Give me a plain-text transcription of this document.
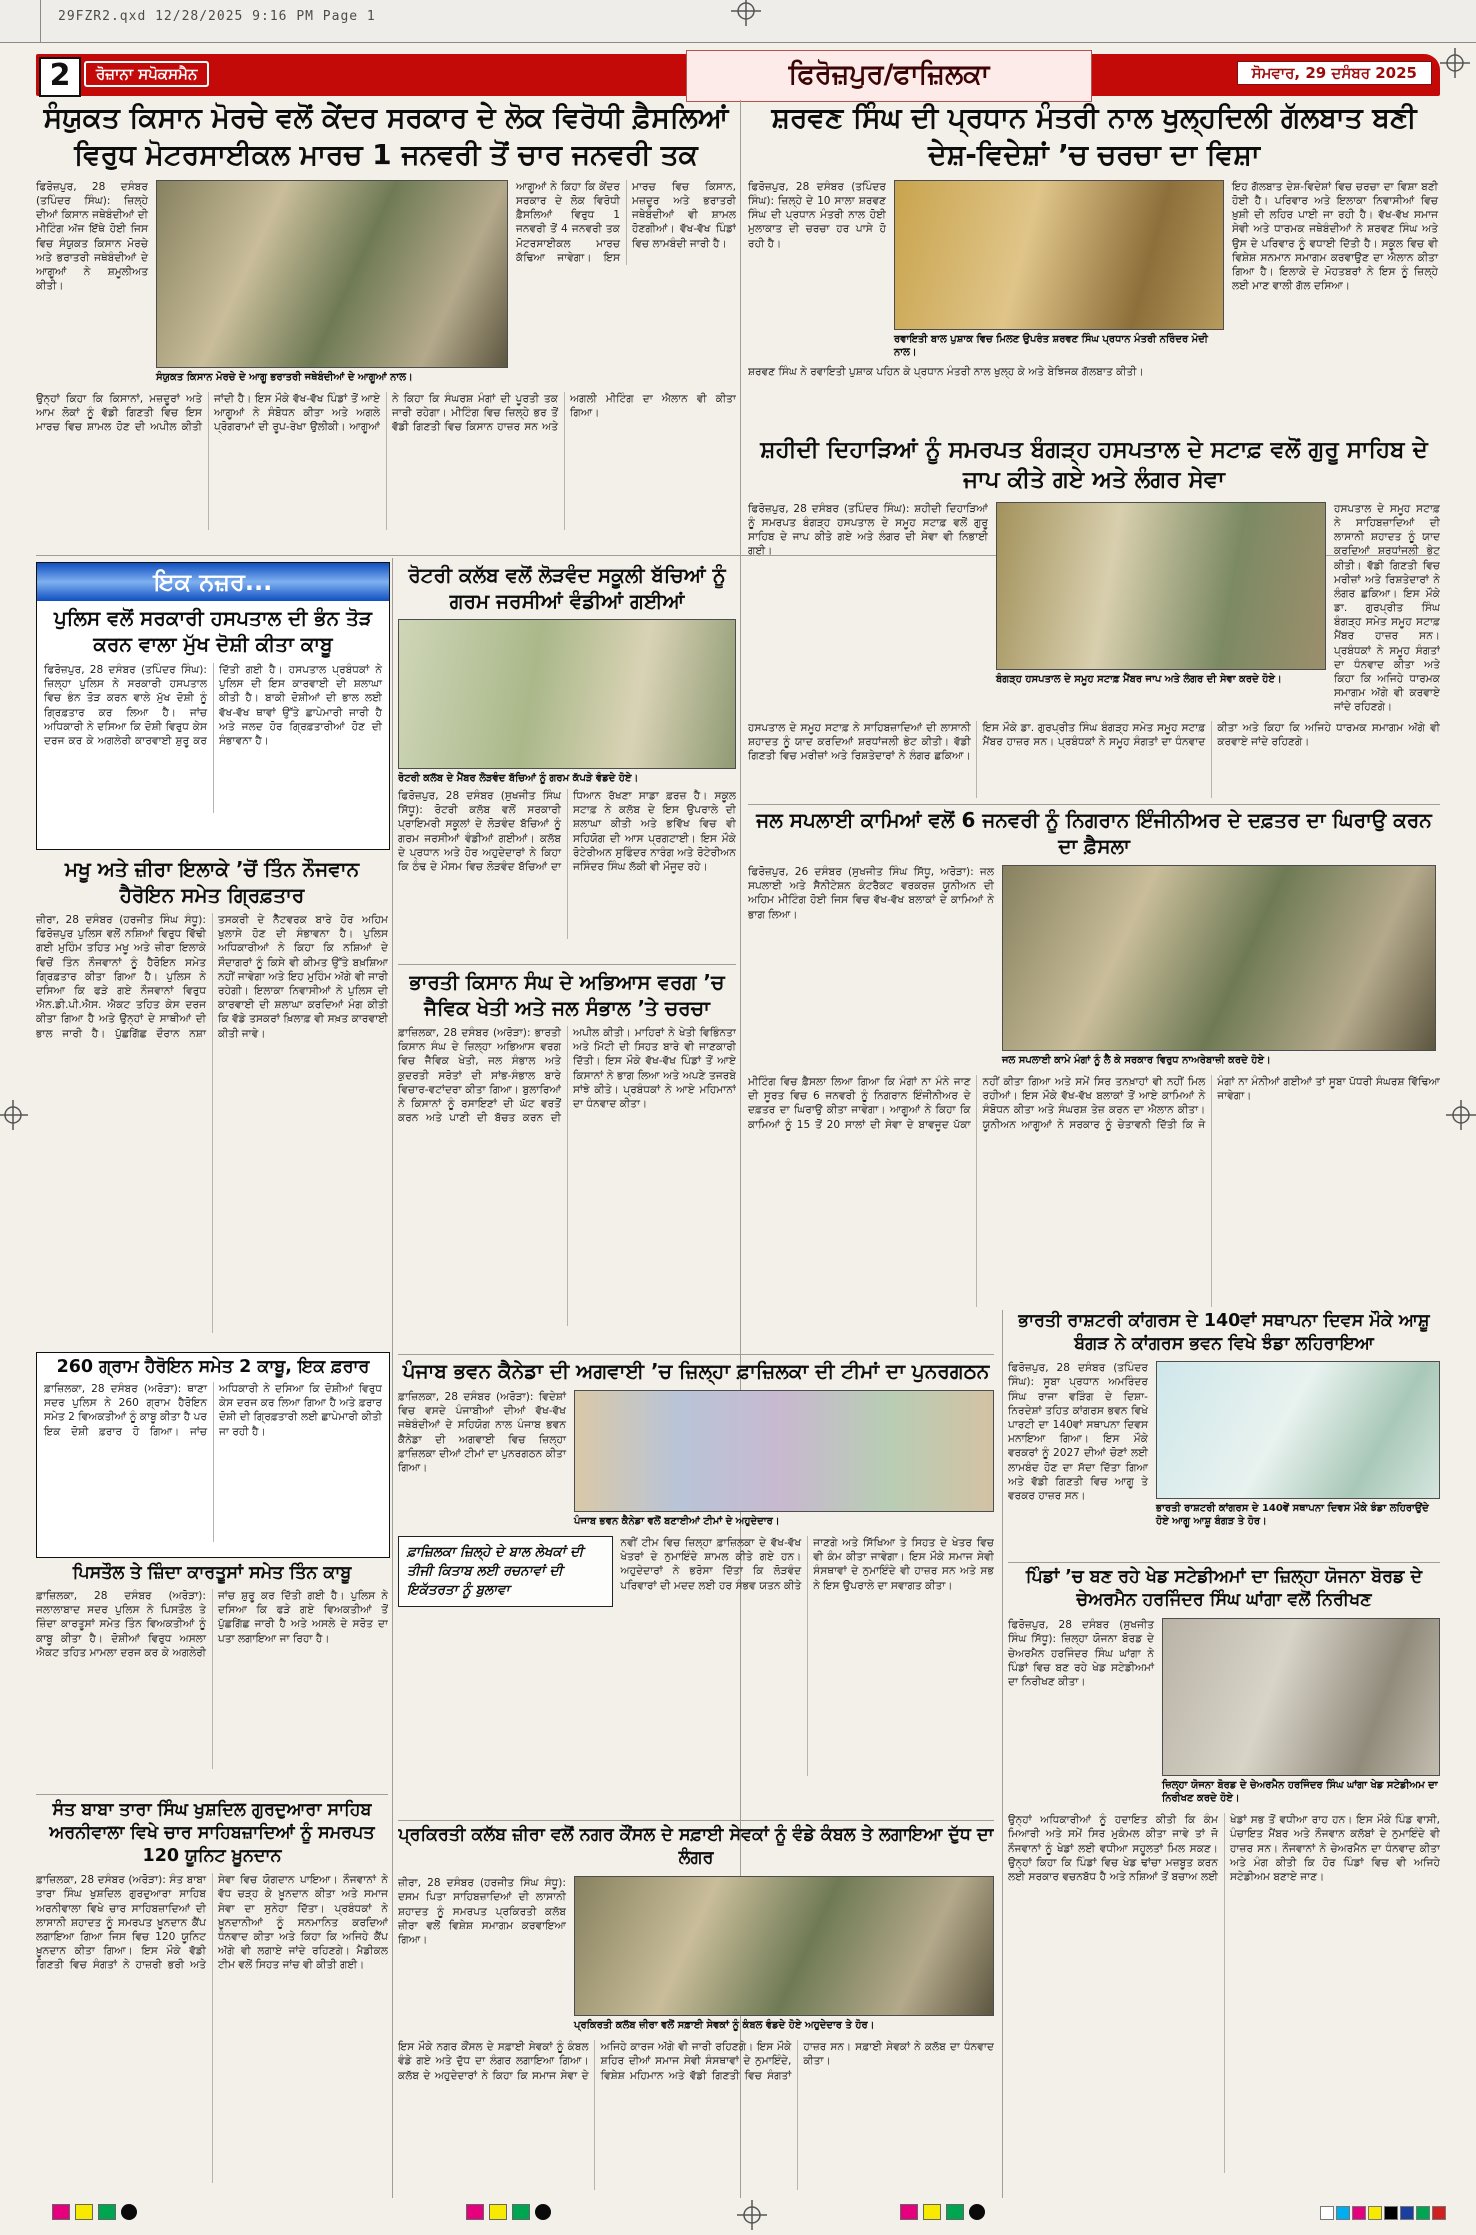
29FZR2.qxd 12/28/2025 9:16 PM Page 1
2	ਰੋਜ਼ਾਨਾ ਸਪੋਕਸਮੈਨ	ਫਿਰੋਜ਼ਪੁਰ/ਫਾਜ਼ਿਲਕਾ	ਸੋਮਵਾਰ, 29 ਦਸੰਬਰ 2025
ਸੰਯੁਕਤ ਕਿਸਾਨ ਮੋਰਚੇ ਵਲੋਂ ਕੇਂਦਰ ਸਰਕਾਰ ਦੇ ਲੋਕ ਵਿਰੋਧੀ ਫ਼ੈਸਲਿਆਂ ਵਿਰੁਧ ਮੋਟਰਸਾਈਕਲ ਮਾਰਚ 1 ਜਨਵਰੀ ਤੋਂ ਚਾਰ ਜਨਵਰੀ ਤਕ
ਫਿਰੋਜ਼ਪੁਰ, 28 ਦਸੰਬਰ (ਤਪਿੰਦਰ ਸਿੰਘ): ਜ਼ਿਲ੍ਹੇ ਦੀਆਂ ਕਿਸਾਨ ਜਥੇਬੰਦੀਆਂ ਦੀ ਮੀਟਿੰਗ ਅੱਜ ਇੱਥੇ ਹੋਈ ਜਿਸ ਵਿਚ ਸੰਯੁਕਤ ਕਿਸਾਨ ਮੋਰਚੇ ਅਤੇ ਭਰਾਤਰੀ ਜਥੇਬੰਦੀਆਂ ਦੇ ਆਗੂਆਂ ਨੇ ਸ਼ਮੂਲੀਅਤ ਕੀਤੀ।
ਸੰਯੁਕਤ ਕਿਸਾਨ ਮੋਰਚੇ ਦੇ ਆਗੂ ਭਰਾਤਰੀ ਜਥੇਬੰਦੀਆਂ ਦੇ ਆਗੂਆਂ ਨਾਲ।
ਆਗੂਆਂ ਨੇ ਕਿਹਾ ਕਿ ਕੇਂਦਰ ਸਰਕਾਰ ਦੇ ਲੋਕ ਵਿਰੋਧੀ ਫ਼ੈਸਲਿਆਂ ਵਿਰੁਧ 1 ਜਨਵਰੀ ਤੋਂ 4 ਜਨਵਰੀ ਤਕ ਮੋਟਰਸਾਈਕਲ ਮਾਰਚ ਕੱਢਿਆ ਜਾਵੇਗਾ। ਇਸ ਮਾਰਚ ਵਿਚ ਕਿਸਾਨ, ਮਜ਼ਦੂਰ ਅਤੇ ਭਰਾਤਰੀ ਜਥੇਬੰਦੀਆਂ ਵੀ ਸ਼ਾਮਲ ਹੋਣਗੀਆਂ। ਵੱਖ-ਵੱਖ ਪਿੰਡਾਂ ਵਿਚ ਲਾਮਬੰਦੀ ਜਾਰੀ ਹੈ।
ਉਨ੍ਹਾਂ ਕਿਹਾ ਕਿ ਕਿਸਾਨਾਂ, ਮਜ਼ਦੂਰਾਂ ਅਤੇ ਆਮ ਲੋਕਾਂ ਨੂੰ ਵੱਡੀ ਗਿਣਤੀ ਵਿਚ ਇਸ ਮਾਰਚ ਵਿਚ ਸ਼ਾਮਲ ਹੋਣ ਦੀ ਅਪੀਲ ਕੀਤੀ ਜਾਂਦੀ ਹੈ। ਇਸ ਮੌਕੇ ਵੱਖ-ਵੱਖ ਪਿੰਡਾਂ ਤੋਂ ਆਏ ਆਗੂਆਂ ਨੇ ਸੰਬੋਧਨ ਕੀਤਾ ਅਤੇ ਅਗਲੇ ਪ੍ਰੋਗਰਾਮਾਂ ਦੀ ਰੂਪ-ਰੇਖਾ ਉਲੀਕੀ। ਆਗੂਆਂ ਨੇ ਕਿਹਾ ਕਿ ਸੰਘਰਸ਼ ਮੰਗਾਂ ਦੀ ਪੂਰਤੀ ਤਕ ਜਾਰੀ ਰਹੇਗਾ। ਮੀਟਿੰਗ ਵਿਚ ਜ਼ਿਲ੍ਹੇ ਭਰ ਤੋਂ ਵੱਡੀ ਗਿਣਤੀ ਵਿਚ ਕਿਸਾਨ ਹਾਜ਼ਰ ਸਨ ਅਤੇ ਅਗਲੀ ਮੀਟਿੰਗ ਦਾ ਐਲਾਨ ਵੀ ਕੀਤਾ ਗਿਆ।
ਸ਼ਰਵਣ ਸਿੰਘ ਦੀ ਪ੍ਰਧਾਨ ਮੰਤਰੀ ਨਾਲ ਖੁਲ੍ਹਦਿਲੀ ਗੱਲਬਾਤ ਬਣੀ ਦੇਸ਼-ਵਿਦੇਸ਼ਾਂ ’ਚ ਚਰਚਾ ਦਾ ਵਿਸ਼ਾ
ਫਿਰੋਜ਼ਪੁਰ, 28 ਦਸੰਬਰ (ਤਪਿੰਦਰ ਸਿੰਘ): ਜ਼ਿਲ੍ਹੇ ਦੇ 10 ਸਾਲਾ ਸ਼ਰਵਣ ਸਿੰਘ ਦੀ ਪ੍ਰਧਾਨ ਮੰਤਰੀ ਨਾਲ ਹੋਈ ਮੁਲਾਕਾਤ ਦੀ ਚਰਚਾ ਹਰ ਪਾਸੇ ਹੋ ਰਹੀ ਹੈ।
ਰਵਾਇਤੀ ਬਾਲ ਪੁਸ਼ਾਕ ਵਿਚ ਮਿਲਣ ਉਪਰੰਤ ਸ਼ਰਵਣ ਸਿੰਘ ਪ੍ਰਧਾਨ ਮੰਤਰੀ ਨਰਿੰਦਰ ਮੋਦੀ ਨਾਲ।
ਇਹ ਗੱਲਬਾਤ ਦੇਸ਼-ਵਿਦੇਸ਼ਾਂ ਵਿਚ ਚਰਚਾ ਦਾ ਵਿਸ਼ਾ ਬਣੀ ਹੋਈ ਹੈ। ਪਰਿਵਾਰ ਅਤੇ ਇਲਾਕਾ ਨਿਵਾਸੀਆਂ ਵਿਚ ਖ਼ੁਸ਼ੀ ਦੀ ਲਹਿਰ ਪਾਈ ਜਾ ਰਹੀ ਹੈ। ਵੱਖ-ਵੱਖ ਸਮਾਜ ਸੇਵੀ ਅਤੇ ਧਾਰਮਕ ਜਥੇਬੰਦੀਆਂ ਨੇ ਸ਼ਰਵਣ ਸਿੰਘ ਅਤੇ ਉਸ ਦੇ ਪਰਿਵਾਰ ਨੂੰ ਵਧਾਈ ਦਿੱਤੀ ਹੈ। ਸਕੂਲ ਵਿਚ ਵੀ ਵਿਸ਼ੇਸ਼ ਸਨਮਾਨ ਸਮਾਗਮ ਕਰਵਾਉਣ ਦਾ ਐਲਾਨ ਕੀਤਾ ਗਿਆ ਹੈ। ਇਲਾਕੇ ਦੇ ਮੋਹਤਬਰਾਂ ਨੇ ਇਸ ਨੂੰ ਜ਼ਿਲ੍ਹੇ ਲਈ ਮਾਣ ਵਾਲੀ ਗੱਲ ਦਸਿਆ।
ਸ਼ਰਵਣ ਸਿੰਘ ਨੇ ਰਵਾਇਤੀ ਪੁਸ਼ਾਕ ਪਹਿਨ ਕੇ ਪ੍ਰਧਾਨ ਮੰਤਰੀ ਨਾਲ ਖੁਲ੍ਹ ਕੇ ਅਤੇ ਬੇਝਿਜਕ ਗੱਲਬਾਤ ਕੀਤੀ।
ਸ਼ਹੀਦੀ ਦਿਹਾੜਿਆਂ ਨੂੰ ਸਮਰਪਤ ਬੰਗੜ੍ਹ ਹਸਪਤਾਲ ਦੇ ਸਟਾਫ਼ ਵਲੋਂ ਗੁਰੂ ਸਾਹਿਬ ਦੇ ਜਾਪ ਕੀਤੇ ਗਏ ਅਤੇ ਲੰਗਰ ਸੇਵਾ
ਫਿਰੋਜ਼ਪੁਰ, 28 ਦਸੰਬਰ (ਤਪਿੰਦਰ ਸਿੰਘ): ਸ਼ਹੀਦੀ ਦਿਹਾੜਿਆਂ ਨੂੰ ਸਮਰਪਤ ਬੰਗੜ੍ਹ ਹਸਪਤਾਲ ਦੇ ਸਮੂਹ ਸਟਾਫ਼ ਵਲੋਂ ਗੁਰੂ ਸਾਹਿਬ ਦੇ ਜਾਪ ਕੀਤੇ ਗਏ ਅਤੇ ਲੰਗਰ ਦੀ ਸੇਵਾ ਵੀ ਨਿਭਾਈ ਗਈ।
ਬੰਗੜ੍ਹ ਹਸਪਤਾਲ ਦੇ ਸਮੂਹ ਸਟਾਫ਼ ਮੈਂਬਰ ਜਾਪ ਅਤੇ ਲੰਗਰ ਦੀ ਸੇਵਾ ਕਰਦੇ ਹੋਏ।
ਹਸਪਤਾਲ ਦੇ ਸਮੂਹ ਸਟਾਫ਼ ਨੇ ਸਾਹਿਬਜ਼ਾਦਿਆਂ ਦੀ ਲਾਸਾਨੀ ਸ਼ਹਾਦਤ ਨੂੰ ਯਾਦ ਕਰਦਿਆਂ ਸ਼ਰਧਾਂਜਲੀ ਭੇਟ ਕੀਤੀ। ਵੱਡੀ ਗਿਣਤੀ ਵਿਚ ਮਰੀਜ਼ਾਂ ਅਤੇ ਰਿਸ਼ਤੇਦਾਰਾਂ ਨੇ ਲੰਗਰ ਛਕਿਆ। ਇਸ ਮੌਕੇ ਡਾ. ਗੁਰਪ੍ਰੀਤ ਸਿੰਘ ਬੰਗੜ੍ਹ ਸਮੇਤ ਸਮੂਹ ਸਟਾਫ਼ ਮੈਂਬਰ ਹਾਜ਼ਰ ਸਨ। ਪ੍ਰਬੰਧਕਾਂ ਨੇ ਸਮੂਹ ਸੰਗਤਾਂ ਦਾ ਧੰਨਵਾਦ ਕੀਤਾ ਅਤੇ ਕਿਹਾ ਕਿ ਅਜਿਹੇ ਧਾਰਮਕ ਸਮਾਗਮ ਅੱਗੇ ਵੀ ਕਰਵਾਏ ਜਾਂਦੇ ਰਹਿਣਗੇ।
ਹਸਪਤਾਲ ਦੇ ਸਮੂਹ ਸਟਾਫ਼ ਨੇ ਸਾਹਿਬਜ਼ਾਦਿਆਂ ਦੀ ਲਾਸਾਨੀ ਸ਼ਹਾਦਤ ਨੂੰ ਯਾਦ ਕਰਦਿਆਂ ਸ਼ਰਧਾਂਜਲੀ ਭੇਟ ਕੀਤੀ। ਵੱਡੀ ਗਿਣਤੀ ਵਿਚ ਮਰੀਜ਼ਾਂ ਅਤੇ ਰਿਸ਼ਤੇਦਾਰਾਂ ਨੇ ਲੰਗਰ ਛਕਿਆ। ਇਸ ਮੌਕੇ ਡਾ. ਗੁਰਪ੍ਰੀਤ ਸਿੰਘ ਬੰਗੜ੍ਹ ਸਮੇਤ ਸਮੂਹ ਸਟਾਫ਼ ਮੈਂਬਰ ਹਾਜ਼ਰ ਸਨ। ਪ੍ਰਬੰਧਕਾਂ ਨੇ ਸਮੂਹ ਸੰਗਤਾਂ ਦਾ ਧੰਨਵਾਦ ਕੀਤਾ ਅਤੇ ਕਿਹਾ ਕਿ ਅਜਿਹੇ ਧਾਰਮਕ ਸਮਾਗਮ ਅੱਗੇ ਵੀ ਕਰਵਾਏ ਜਾਂਦੇ ਰਹਿਣਗੇ।
ਇਕ ਨਜ਼ਰ...
ਪੁਲਿਸ ਵਲੋਂ ਸਰਕਾਰੀ ਹਸਪਤਾਲ ਦੀ ਭੰਨ ਤੋੜ ਕਰਨ ਵਾਲਾ ਮੁੱਖ ਦੋਸ਼ੀ ਕੀਤਾ ਕਾਬੂ
ਫਿਰੋਜ਼ਪੁਰ, 28 ਦਸੰਬਰ (ਤਪਿੰਦਰ ਸਿੰਘ): ਜ਼ਿਲ੍ਹਾ ਪੁਲਿਸ ਨੇ ਸਰਕਾਰੀ ਹਸਪਤਾਲ ਵਿਚ ਭੰਨ ਤੋੜ ਕਰਨ ਵਾਲੇ ਮੁੱਖ ਦੋਸ਼ੀ ਨੂੰ ਗ੍ਰਿਫ਼ਤਾਰ ਕਰ ਲਿਆ ਹੈ। ਜਾਂਚ ਅਧਿਕਾਰੀ ਨੇ ਦਸਿਆ ਕਿ ਦੋਸ਼ੀ ਵਿਰੁਧ ਕੇਸ ਦਰਜ ਕਰ ਕੇ ਅਗਲੇਰੀ ਕਾਰਵਾਈ ਸ਼ੁਰੂ ਕਰ ਦਿੱਤੀ ਗਈ ਹੈ। ਹਸਪਤਾਲ ਪ੍ਰਬੰਧਕਾਂ ਨੇ ਪੁਲਿਸ ਦੀ ਇਸ ਕਾਰਵਾਈ ਦੀ ਸ਼ਲਾਘਾ ਕੀਤੀ ਹੈ। ਬਾਕੀ ਦੋਸ਼ੀਆਂ ਦੀ ਭਾਲ ਲਈ ਵੱਖ-ਵੱਖ ਥਾਵਾਂ ਉੱਤੇ ਛਾਪੇਮਾਰੀ ਜਾਰੀ ਹੈ ਅਤੇ ਜਲਦ ਹੋਰ ਗ੍ਰਿਫ਼ਤਾਰੀਆਂ ਹੋਣ ਦੀ ਸੰਭਾਵਨਾ ਹੈ।
ਮਖੂ ਅਤੇ ਜ਼ੀਰਾ ਇਲਾਕੇ ’ਚੋਂ ਤਿੰਨ ਨੌਜਵਾਨ ਹੈਰੋਇਨ ਸਮੇਤ ਗ੍ਰਿਫ਼ਤਾਰ
ਜ਼ੀਰਾ, 28 ਦਸੰਬਰ (ਹਰਜੀਤ ਸਿੰਘ ਸੰਧੂ): ਫਿਰੋਜ਼ਪੁਰ ਪੁਲਿਸ ਵਲੋਂ ਨਸ਼ਿਆਂ ਵਿਰੁਧ ਵਿੱਢੀ ਗਈ ਮੁਹਿੰਮ ਤਹਿਤ ਮਖੂ ਅਤੇ ਜ਼ੀਰਾ ਇਲਾਕੇ ਵਿਚੋਂ ਤਿੰਨ ਨੌਜਵਾਨਾਂ ਨੂੰ ਹੈਰੋਇਨ ਸਮੇਤ ਗ੍ਰਿਫ਼ਤਾਰ ਕੀਤਾ ਗਿਆ ਹੈ। ਪੁਲਿਸ ਨੇ ਦਸਿਆ ਕਿ ਫੜੇ ਗਏ ਨੌਜਵਾਨਾਂ ਵਿਰੁਧ ਐਨ.ਡੀ.ਪੀ.ਐਸ. ਐਕਟ ਤਹਿਤ ਕੇਸ ਦਰਜ ਕੀਤਾ ਗਿਆ ਹੈ ਅਤੇ ਉਨ੍ਹਾਂ ਦੇ ਸਾਥੀਆਂ ਦੀ ਭਾਲ ਜਾਰੀ ਹੈ। ਪੁੱਛਗਿੱਛ ਦੌਰਾਨ ਨਸ਼ਾ ਤਸਕਰੀ ਦੇ ਨੈੱਟਵਰਕ ਬਾਰੇ ਹੋਰ ਅਹਿਮ ਖੁਲਾਸੇ ਹੋਣ ਦੀ ਸੰਭਾਵਨਾ ਹੈ। ਪੁਲਿਸ ਅਧਿਕਾਰੀਆਂ ਨੇ ਕਿਹਾ ਕਿ ਨਸ਼ਿਆਂ ਦੇ ਸੌਦਾਗਰਾਂ ਨੂੰ ਕਿਸੇ ਵੀ ਕੀਮਤ ਉੱਤੇ ਬਖ਼ਸ਼ਿਆ ਨਹੀਂ ਜਾਵੇਗਾ ਅਤੇ ਇਹ ਮੁਹਿੰਮ ਅੱਗੇ ਵੀ ਜਾਰੀ ਰਹੇਗੀ। ਇਲਾਕਾ ਨਿਵਾਸੀਆਂ ਨੇ ਪੁਲਿਸ ਦੀ ਕਾਰਵਾਈ ਦੀ ਸ਼ਲਾਘਾ ਕਰਦਿਆਂ ਮੰਗ ਕੀਤੀ ਕਿ ਵੱਡੇ ਤਸਕਰਾਂ ਖ਼ਿਲਾਫ਼ ਵੀ ਸਖ਼ਤ ਕਾਰਵਾਈ ਕੀਤੀ ਜਾਵੇ।
260 ਗ੍ਰਾਮ ਹੈਰੋਇਨ ਸਮੇਤ 2 ਕਾਬੂ, ਇਕ ਫ਼ਰਾਰ
ਫ਼ਾਜ਼ਿਲਕਾ, 28 ਦਸੰਬਰ (ਅਰੋੜਾ): ਥਾਣਾ ਸਦਰ ਪੁਲਿਸ ਨੇ 260 ਗ੍ਰਾਮ ਹੈਰੋਇਨ ਸਮੇਤ 2 ਵਿਅਕਤੀਆਂ ਨੂੰ ਕਾਬੂ ਕੀਤਾ ਹੈ ਪਰ ਇਕ ਦੋਸ਼ੀ ਫ਼ਰਾਰ ਹੋ ਗਿਆ। ਜਾਂਚ ਅਧਿਕਾਰੀ ਨੇ ਦਸਿਆ ਕਿ ਦੋਸ਼ੀਆਂ ਵਿਰੁਧ ਕੇਸ ਦਰਜ ਕਰ ਲਿਆ ਗਿਆ ਹੈ ਅਤੇ ਫ਼ਰਾਰ ਦੋਸ਼ੀ ਦੀ ਗ੍ਰਿਫ਼ਤਾਰੀ ਲਈ ਛਾਪੇਮਾਰੀ ਕੀਤੀ ਜਾ ਰਹੀ ਹੈ।
ਪਿਸਤੌਲ ਤੇ ਜ਼ਿੰਦਾ ਕਾਰਤੂਸਾਂ ਸਮੇਤ ਤਿੰਨ ਕਾਬੂ
ਫ਼ਾਜ਼ਿਲਕਾ, 28 ਦਸੰਬਰ (ਅਰੋੜਾ): ਜਲਾਲਾਬਾਦ ਸਦਰ ਪੁਲਿਸ ਨੇ ਪਿਸਤੌਲ ਤੇ ਜ਼ਿੰਦਾ ਕਾਰਤੂਸਾਂ ਸਮੇਤ ਤਿੰਨ ਵਿਅਕਤੀਆਂ ਨੂੰ ਕਾਬੂ ਕੀਤਾ ਹੈ। ਦੋਸ਼ੀਆਂ ਵਿਰੁਧ ਅਸਲਾ ਐਕਟ ਤਹਿਤ ਮਾਮਲਾ ਦਰਜ ਕਰ ਕੇ ਅਗਲੇਰੀ ਜਾਂਚ ਸ਼ੁਰੂ ਕਰ ਦਿੱਤੀ ਗਈ ਹੈ। ਪੁਲਿਸ ਨੇ ਦਸਿਆ ਕਿ ਫੜੇ ਗਏ ਵਿਅਕਤੀਆਂ ਤੋਂ ਪੁੱਛਗਿੱਛ ਜਾਰੀ ਹੈ ਅਤੇ ਅਸਲੇ ਦੇ ਸਰੋਤ ਦਾ ਪਤਾ ਲਗਾਇਆ ਜਾ ਰਿਹਾ ਹੈ।
ਸੰਤ ਬਾਬਾ ਤਾਰਾ ਸਿੰਘ ਖੁਸ਼ਦਿਲ ਗੁਰਦੁਆਰਾ ਸਾਹਿਬ ਅਰਨੀਵਾਲਾ ਵਿਖੇ ਚਾਰ ਸਾਹਿਬਜ਼ਾਦਿਆਂ ਨੂੰ ਸਮਰਪਤ 120 ਯੂਨਿਟ ਖ਼ੂਨਦਾਨ
ਫ਼ਾਜ਼ਿਲਕਾ, 28 ਦਸੰਬਰ (ਅਰੋੜਾ): ਸੰਤ ਬਾਬਾ ਤਾਰਾ ਸਿੰਘ ਖੁਸ਼ਦਿਲ ਗੁਰਦੁਆਰਾ ਸਾਹਿਬ ਅਰਨੀਵਾਲਾ ਵਿਖੇ ਚਾਰ ਸਾਹਿਬਜ਼ਾਦਿਆਂ ਦੀ ਲਾਸਾਨੀ ਸ਼ਹਾਦਤ ਨੂੰ ਸਮਰਪਤ ਖ਼ੂਨਦਾਨ ਕੈਂਪ ਲਗਾਇਆ ਗਿਆ ਜਿਸ ਵਿਚ 120 ਯੂਨਿਟ ਖ਼ੂਨਦਾਨ ਕੀਤਾ ਗਿਆ। ਇਸ ਮੌਕੇ ਵੱਡੀ ਗਿਣਤੀ ਵਿਚ ਸੰਗਤਾਂ ਨੇ ਹਾਜ਼ਰੀ ਭਰੀ ਅਤੇ ਸੇਵਾ ਵਿਚ ਯੋਗਦਾਨ ਪਾਇਆ। ਨੌਜਵਾਨਾਂ ਨੇ ਵੱਧ ਚੜ੍ਹ ਕੇ ਖ਼ੂਨਦਾਨ ਕੀਤਾ ਅਤੇ ਸਮਾਜ ਸੇਵਾ ਦਾ ਸੁਨੇਹਾ ਦਿੱਤਾ। ਪ੍ਰਬੰਧਕਾਂ ਨੇ ਖ਼ੂਨਦਾਨੀਆਂ ਨੂੰ ਸਨਮਾਨਿਤ ਕਰਦਿਆਂ ਧੰਨਵਾਦ ਕੀਤਾ ਅਤੇ ਕਿਹਾ ਕਿ ਅਜਿਹੇ ਕੈਂਪ ਅੱਗੇ ਵੀ ਲਗਾਏ ਜਾਂਦੇ ਰਹਿਣਗੇ। ਮੈਡੀਕਲ ਟੀਮ ਵਲੋਂ ਸਿਹਤ ਜਾਂਚ ਵੀ ਕੀਤੀ ਗਈ।
ਰੋਟਰੀ ਕਲੱਬ ਵਲੋਂ ਲੋੜਵੰਦ ਸਕੂਲੀ ਬੱਚਿਆਂ ਨੂੰ ਗਰਮ ਜਰਸੀਆਂ ਵੰਡੀਆਂ ਗਈਆਂ
ਰੋਟਰੀ ਕਲੱਬ ਦੇ ਮੈਂਬਰ ਲੋੜਵੰਦ ਬੱਚਿਆਂ ਨੂੰ ਗਰਮ ਕੱਪੜੇ ਵੰਡਦੇ ਹੋਏ।
ਫਿਰੋਜ਼ਪੁਰ, 28 ਦਸੰਬਰ (ਸੁਖਜੀਤ ਸਿੰਘ ਸਿੱਧੂ): ਰੋਟਰੀ ਕਲੱਬ ਵਲੋਂ ਸਰਕਾਰੀ ਪ੍ਰਾਇਮਰੀ ਸਕੂਲਾਂ ਦੇ ਲੋੜਵੰਦ ਬੱਚਿਆਂ ਨੂੰ ਗਰਮ ਜਰਸੀਆਂ ਵੰਡੀਆਂ ਗਈਆਂ। ਕਲੱਬ ਦੇ ਪ੍ਰਧਾਨ ਅਤੇ ਹੋਰ ਅਹੁਦੇਦਾਰਾਂ ਨੇ ਕਿਹਾ ਕਿ ਠੰਢ ਦੇ ਮੌਸਮ ਵਿਚ ਲੋੜਵੰਦ ਬੱਚਿਆਂ ਦਾ ਧਿਆਨ ਰੱਖਣਾ ਸਾਡਾ ਫ਼ਰਜ਼ ਹੈ। ਸਕੂਲ ਸਟਾਫ਼ ਨੇ ਕਲੱਬ ਦੇ ਇਸ ਉਪਰਾਲੇ ਦੀ ਸ਼ਲਾਘਾ ਕੀਤੀ ਅਤੇ ਭਵਿੱਖ ਵਿਚ ਵੀ ਸਹਿਯੋਗ ਦੀ ਆਸ ਪ੍ਰਗਟਾਈ। ਇਸ ਮੌਕੇ ਰੋਟੇਰੀਅਨ ਸੁਫਿੰਦਰ ਨਾਰੰਗ ਅਤੇ ਰੋਟੇਰੀਅਨ ਜਸਿੰਦਰ ਸਿੰਘ ਲੱਕੀ ਵੀ ਮੌਜੂਦ ਰਹੇ।
ਭਾਰਤੀ ਕਿਸਾਨ ਸੰਘ ਦੇ ਅਭਿਆਸ ਵਰਗ ’ਚ ਜੈਵਿਕ ਖੇਤੀ ਅਤੇ ਜਲ ਸੰਭਾਲ ’ਤੇ ਚਰਚਾ
ਫ਼ਾਜ਼ਿਲਕਾ, 28 ਦਸੰਬਰ (ਅਰੋੜਾ): ਭਾਰਤੀ ਕਿਸਾਨ ਸੰਘ ਦੇ ਜ਼ਿਲ੍ਹਾ ਅਭਿਆਸ ਵਰਗ ਵਿਚ ਜੈਵਿਕ ਖੇਤੀ, ਜਲ ਸੰਭਾਲ ਅਤੇ ਕੁਦਰਤੀ ਸਰੋਤਾਂ ਦੀ ਸਾਂਭ-ਸੰਭਾਲ ਬਾਰੇ ਵਿਚਾਰ-ਵਟਾਂਦਰਾ ਕੀਤਾ ਗਿਆ। ਬੁਲਾਰਿਆਂ ਨੇ ਕਿਸਾਨਾਂ ਨੂੰ ਰਸਾਇਣਾਂ ਦੀ ਘੱਟ ਵਰਤੋਂ ਕਰਨ ਅਤੇ ਪਾਣੀ ਦੀ ਬੱਚਤ ਕਰਨ ਦੀ ਅਪੀਲ ਕੀਤੀ। ਮਾਹਿਰਾਂ ਨੇ ਖੇਤੀ ਵਿਭਿੰਨਤਾ ਅਤੇ ਮਿੱਟੀ ਦੀ ਸਿਹਤ ਬਾਰੇ ਵੀ ਜਾਣਕਾਰੀ ਦਿੱਤੀ। ਇਸ ਮੌਕੇ ਵੱਖ-ਵੱਖ ਪਿੰਡਾਂ ਤੋਂ ਆਏ ਕਿਸਾਨਾਂ ਨੇ ਭਾਗ ਲਿਆ ਅਤੇ ਅਪਣੇ ਤਜਰਬੇ ਸਾਂਝੇ ਕੀਤੇ। ਪ੍ਰਬੰਧਕਾਂ ਨੇ ਆਏ ਮਹਿਮਾਨਾਂ ਦਾ ਧੰਨਵਾਦ ਕੀਤਾ।
ਜਲ ਸਪਲਾਈ ਕਾਮਿਆਂ ਵਲੋਂ 6 ਜਨਵਰੀ ਨੂੰ ਨਿਗਰਾਨ ਇੰਜੀਨੀਅਰ ਦੇ ਦਫ਼ਤਰ ਦਾ ਘਿਰਾਉ ਕਰਨ ਦਾ ਫ਼ੈਸਲਾ
ਫਿਰੋਜ਼ਪੁਰ, 26 ਦਸੰਬਰ (ਸੁਖਜੀਤ ਸਿੰਘ ਸਿੱਧੂ, ਅਰੋੜਾ): ਜਲ ਸਪਲਾਈ ਅਤੇ ਸੈਨੀਟੇਸ਼ਨ ਕੰਟਰੈਕਟ ਵਰਕਰਜ਼ ਯੂਨੀਅਨ ਦੀ ਅਹਿਮ ਮੀਟਿੰਗ ਹੋਈ ਜਿਸ ਵਿਚ ਵੱਖ-ਵੱਖ ਬਲਾਕਾਂ ਦੇ ਕਾਮਿਆਂ ਨੇ ਭਾਗ ਲਿਆ।
ਜਲ ਸਪਲਾਈ ਕਾਮੇ ਮੰਗਾਂ ਨੂੰ ਲੈ ਕੇ ਸਰਕਾਰ ਵਿਰੁਧ ਨਾਅਰੇਬਾਜ਼ੀ ਕਰਦੇ ਹੋਏ।
ਮੀਟਿੰਗ ਵਿਚ ਫ਼ੈਸਲਾ ਲਿਆ ਗਿਆ ਕਿ ਮੰਗਾਂ ਨਾ ਮੰਨੇ ਜਾਣ ਦੀ ਸੂਰਤ ਵਿਚ 6 ਜਨਵਰੀ ਨੂੰ ਨਿਗਰਾਨ ਇੰਜੀਨੀਅਰ ਦੇ ਦਫ਼ਤਰ ਦਾ ਘਿਰਾਉ ਕੀਤਾ ਜਾਵੇਗਾ। ਆਗੂਆਂ ਨੇ ਕਿਹਾ ਕਿ ਕਾਮਿਆਂ ਨੂੰ 15 ਤੋਂ 20 ਸਾਲਾਂ ਦੀ ਸੇਵਾ ਦੇ ਬਾਵਜੂਦ ਪੱਕਾ ਨਹੀਂ ਕੀਤਾ ਗਿਆ ਅਤੇ ਸਮੇਂ ਸਿਰ ਤਨਖ਼ਾਹਾਂ ਵੀ ਨਹੀਂ ਮਿਲ ਰਹੀਆਂ। ਇਸ ਮੌਕੇ ਵੱਖ-ਵੱਖ ਬਲਾਕਾਂ ਤੋਂ ਆਏ ਕਾਮਿਆਂ ਨੇ ਸੰਬੋਧਨ ਕੀਤਾ ਅਤੇ ਸੰਘਰਸ਼ ਤੇਜ਼ ਕਰਨ ਦਾ ਐਲਾਨ ਕੀਤਾ। ਯੂਨੀਅਨ ਆਗੂਆਂ ਨੇ ਸਰਕਾਰ ਨੂੰ ਚੇਤਾਵਨੀ ਦਿੱਤੀ ਕਿ ਜੇ ਮੰਗਾਂ ਨਾ ਮੰਨੀਆਂ ਗਈਆਂ ਤਾਂ ਸੂਬਾ ਪੱਧਰੀ ਸੰਘਰਸ਼ ਵਿੱਢਿਆ ਜਾਵੇਗਾ।
ਪੰਜਾਬ ਭਵਨ ਕੈਨੇਡਾ ਦੀ ਅਗਵਾਈ ’ਚ ਜ਼ਿਲ੍ਹਾ ਫ਼ਾਜ਼ਿਲਕਾ ਦੀ ਟੀਮਾਂ ਦਾ ਪੁਨਰਗਠਨ
ਫ਼ਾਜ਼ਿਲਕਾ, 28 ਦਸੰਬਰ (ਅਰੋੜਾ): ਵਿਦੇਸ਼ਾਂ ਵਿਚ ਵਸਦੇ ਪੰਜਾਬੀਆਂ ਦੀਆਂ ਵੱਖ-ਵੱਖ ਜਥੇਬੰਦੀਆਂ ਦੇ ਸਹਿਯੋਗ ਨਾਲ ਪੰਜਾਬ ਭਵਨ ਕੈਨੇਡਾ ਦੀ ਅਗਵਾਈ ਵਿਚ ਜ਼ਿਲ੍ਹਾ ਫ਼ਾਜ਼ਿਲਕਾ ਦੀਆਂ ਟੀਮਾਂ ਦਾ ਪੁਨਰਗਠਨ ਕੀਤਾ ਗਿਆ।
ਪੰਜਾਬ ਭਵਨ ਕੈਨੇਡਾ ਵਲੋਂ ਬਣਾਈਆਂ ਟੀਮਾਂ ਦੇ ਅਹੁਦੇਦਾਰ।
ਫ਼ਾਜ਼ਿਲਕਾ ਜ਼ਿਲ੍ਹੇ ਦੇ ਬਾਲ ਲੇਖਕਾਂ ਦੀ ਤੀਜੀ ਕਿਤਾਬ ਲਈ ਰਚਨਾਵਾਂ ਦੀ ਇਕੱਤਰਤਾ ਨੂੰ ਬੁਲਾਵਾ
ਨਵੀਂ ਟੀਮ ਵਿਚ ਜ਼ਿਲ੍ਹਾ ਫ਼ਾਜ਼ਿਲਕਾ ਦੇ ਵੱਖ-ਵੱਖ ਖੇਤਰਾਂ ਦੇ ਨੁਮਾਇੰਦੇ ਸ਼ਾਮਲ ਕੀਤੇ ਗਏ ਹਨ। ਅਹੁਦੇਦਾਰਾਂ ਨੇ ਭਰੋਸਾ ਦਿੱਤਾ ਕਿ ਲੋੜਵੰਦ ਪਰਿਵਾਰਾਂ ਦੀ ਮਦਦ ਲਈ ਹਰ ਸੰਭਵ ਯਤਨ ਕੀਤੇ ਜਾਣਗੇ ਅਤੇ ਸਿੱਖਿਆ ਤੇ ਸਿਹਤ ਦੇ ਖੇਤਰ ਵਿਚ ਵੀ ਕੰਮ ਕੀਤਾ ਜਾਵੇਗਾ। ਇਸ ਮੌਕੇ ਸਮਾਜ ਸੇਵੀ ਸੰਸਥਾਵਾਂ ਦੇ ਨੁਮਾਇੰਦੇ ਵੀ ਹਾਜ਼ਰ ਸਨ ਅਤੇ ਸਭ ਨੇ ਇਸ ਉਪਰਾਲੇ ਦਾ ਸਵਾਗਤ ਕੀਤਾ।
ਪ੍ਰਕਿਰਤੀ ਕਲੱਬ ਜ਼ੀਰਾ ਵਲੋਂ ਨਗਰ ਕੌਂਸਲ ਦੇ ਸਫ਼ਾਈ ਸੇਵਕਾਂ ਨੂੰ ਵੰਡੇ ਕੰਬਲ ਤੇ ਲਗਾਇਆ ਦੁੱਧ ਦਾ ਲੰਗਰ
ਜ਼ੀਰਾ, 28 ਦਸੰਬਰ (ਹਰਜੀਤ ਸਿੰਘ ਸੰਧੂ): ਦਸਮ ਪਿਤਾ ਸਾਹਿਬਜ਼ਾਦਿਆਂ ਦੀ ਲਾਸਾਨੀ ਸ਼ਹਾਦਤ ਨੂੰ ਸਮਰਪਤ ਪ੍ਰਕਿਰਤੀ ਕਲੱਬ ਜ਼ੀਰਾ ਵਲੋਂ ਵਿਸ਼ੇਸ਼ ਸਮਾਗਮ ਕਰਵਾਇਆ ਗਿਆ।
ਪ੍ਰਕਿਰਤੀ ਕਲੱਬ ਜ਼ੀਰਾ ਵਲੋਂ ਸਫ਼ਾਈ ਸੇਵਕਾਂ ਨੂੰ ਕੰਬਲ ਵੰਡਦੇ ਹੋਏ ਅਹੁਦੇਦਾਰ ਤੇ ਹੋਰ।
ਇਸ ਮੌਕੇ ਨਗਰ ਕੌਂਸਲ ਦੇ ਸਫ਼ਾਈ ਸੇਵਕਾਂ ਨੂੰ ਕੰਬਲ ਵੰਡੇ ਗਏ ਅਤੇ ਦੁੱਧ ਦਾ ਲੰਗਰ ਲਗਾਇਆ ਗਿਆ। ਕਲੱਬ ਦੇ ਅਹੁਦੇਦਾਰਾਂ ਨੇ ਕਿਹਾ ਕਿ ਸਮਾਜ ਸੇਵਾ ਦੇ ਅਜਿਹੇ ਕਾਰਜ ਅੱਗੇ ਵੀ ਜਾਰੀ ਰਹਿਣਗੇ। ਇਸ ਮੌਕੇ ਸ਼ਹਿਰ ਦੀਆਂ ਸਮਾਜ ਸੇਵੀ ਸੰਸਥਾਵਾਂ ਦੇ ਨੁਮਾਇੰਦੇ, ਵਿਸ਼ੇਸ਼ ਮਹਿਮਾਨ ਅਤੇ ਵੱਡੀ ਗਿਣਤੀ ਵਿਚ ਸੰਗਤਾਂ ਹਾਜ਼ਰ ਸਨ। ਸਫ਼ਾਈ ਸੇਵਕਾਂ ਨੇ ਕਲੱਬ ਦਾ ਧੰਨਵਾਦ ਕੀਤਾ।
ਭਾਰਤੀ ਰਾਸ਼ਟਰੀ ਕਾਂਗਰਸ ਦੇ 140ਵਾਂ ਸਥਾਪਨਾ ਦਿਵਸ ਮੌਕੇ ਆਸ਼ੂ ਬੰਗੜ ਨੇ ਕਾਂਗਰਸ ਭਵਨ ਵਿਖੇ ਝੰਡਾ ਲਹਿਰਾਇਆ
ਫਿਰੋਜ਼ਪੁਰ, 28 ਦਸੰਬਰ (ਤਪਿੰਦਰ ਸਿੰਘ): ਸੂਬਾ ਪ੍ਰਧਾਨ ਅਮਰਿੰਦਰ ਸਿੰਘ ਰਾਜਾ ਵੜਿੰਗ ਦੇ ਦਿਸ਼ਾ-ਨਿਰਦੇਸ਼ਾਂ ਤਹਿਤ ਕਾਂਗਰਸ ਭਵਨ ਵਿਖੇ ਪਾਰਟੀ ਦਾ 140ਵਾਂ ਸਥਾਪਨਾ ਦਿਵਸ ਮਨਾਇਆ ਗਿਆ। ਇਸ ਮੌਕੇ ਵਰਕਰਾਂ ਨੂੰ 2027 ਦੀਆਂ ਚੋਣਾਂ ਲਈ ਲਾਮਬੰਦ ਹੋਣ ਦਾ ਸੱਦਾ ਦਿੱਤਾ ਗਿਆ ਅਤੇ ਵੱਡੀ ਗਿਣਤੀ ਵਿਚ ਆਗੂ ਤੇ ਵਰਕਰ ਹਾਜ਼ਰ ਸਨ।
ਭਾਰਤੀ ਰਾਸ਼ਟਰੀ ਕਾਂਗਰਸ ਦੇ 140ਵੇਂ ਸਥਾਪਨਾ ਦਿਵਸ ਮੌਕੇ ਝੰਡਾ ਲਹਿਰਾਉਂਦੇ ਹੋਏ ਆਗੂ ਆਸ਼ੂ ਬੰਗੜ ਤੇ ਹੋਰ।
ਪਿੰਡਾਂ ’ਚ ਬਣ ਰਹੇ ਖੇਡ ਸਟੇਡੀਅਮਾਂ ਦਾ ਜ਼ਿਲ੍ਹਾ ਯੋਜਨਾ ਬੋਰਡ ਦੇ ਚੇਅਰਮੈਨ ਹਰਜਿੰਦਰ ਸਿੰਘ ਘਾਂਗਾ ਵਲੋਂ ਨਿਰੀਖਣ
ਫਿਰੋਜ਼ਪੁਰ, 28 ਦਸੰਬਰ (ਸੁਖਜੀਤ ਸਿੰਘ ਸਿੱਧੂ): ਜ਼ਿਲ੍ਹਾ ਯੋਜਨਾ ਬੋਰਡ ਦੇ ਚੇਅਰਮੈਨ ਹਰਜਿੰਦਰ ਸਿੰਘ ਘਾਂਗਾ ਨੇ ਪਿੰਡਾਂ ਵਿਚ ਬਣ ਰਹੇ ਖੇਡ ਸਟੇਡੀਅਮਾਂ ਦਾ ਨਿਰੀਖਣ ਕੀਤਾ।
ਜ਼ਿਲ੍ਹਾ ਯੋਜਨਾ ਬੋਰਡ ਦੇ ਚੇਅਰਮੈਨ ਹਰਜਿੰਦਰ ਸਿੰਘ ਘਾਂਗਾ ਖੇਡ ਸਟੇਡੀਅਮ ਦਾ ਨਿਰੀਖਣ ਕਰਦੇ ਹੋਏ।
ਉਨ੍ਹਾਂ ਅਧਿਕਾਰੀਆਂ ਨੂੰ ਹਦਾਇਤ ਕੀਤੀ ਕਿ ਕੰਮ ਮਿਆਰੀ ਅਤੇ ਸਮੇਂ ਸਿਰ ਮੁਕੰਮਲ ਕੀਤਾ ਜਾਵੇ ਤਾਂ ਜੋ ਨੌਜਵਾਨਾਂ ਨੂੰ ਖੇਡਾਂ ਲਈ ਵਧੀਆ ਸਹੂਲਤਾਂ ਮਿਲ ਸਕਣ। ਉਨ੍ਹਾਂ ਕਿਹਾ ਕਿ ਪਿੰਡਾਂ ਵਿਚ ਖੇਡ ਢਾਂਚਾ ਮਜ਼ਬੂਤ ਕਰਨ ਲਈ ਸਰਕਾਰ ਵਚਨਬੱਧ ਹੈ ਅਤੇ ਨਸ਼ਿਆਂ ਤੋਂ ਬਚਾਅ ਲਈ ਖੇਡਾਂ ਸਭ ਤੋਂ ਵਧੀਆ ਰਾਹ ਹਨ। ਇਸ ਮੌਕੇ ਪਿੰਡ ਵਾਸੀ, ਪੰਚਾਇਤ ਮੈਂਬਰ ਅਤੇ ਨੌਜਵਾਨ ਕਲੱਬਾਂ ਦੇ ਨੁਮਾਇੰਦੇ ਵੀ ਹਾਜ਼ਰ ਸਨ। ਨੌਜਵਾਨਾਂ ਨੇ ਚੇਅਰਮੈਨ ਦਾ ਧੰਨਵਾਦ ਕੀਤਾ ਅਤੇ ਮੰਗ ਕੀਤੀ ਕਿ ਹੋਰ ਪਿੰਡਾਂ ਵਿਚ ਵੀ ਅਜਿਹੇ ਸਟੇਡੀਅਮ ਬਣਾਏ ਜਾਣ।
